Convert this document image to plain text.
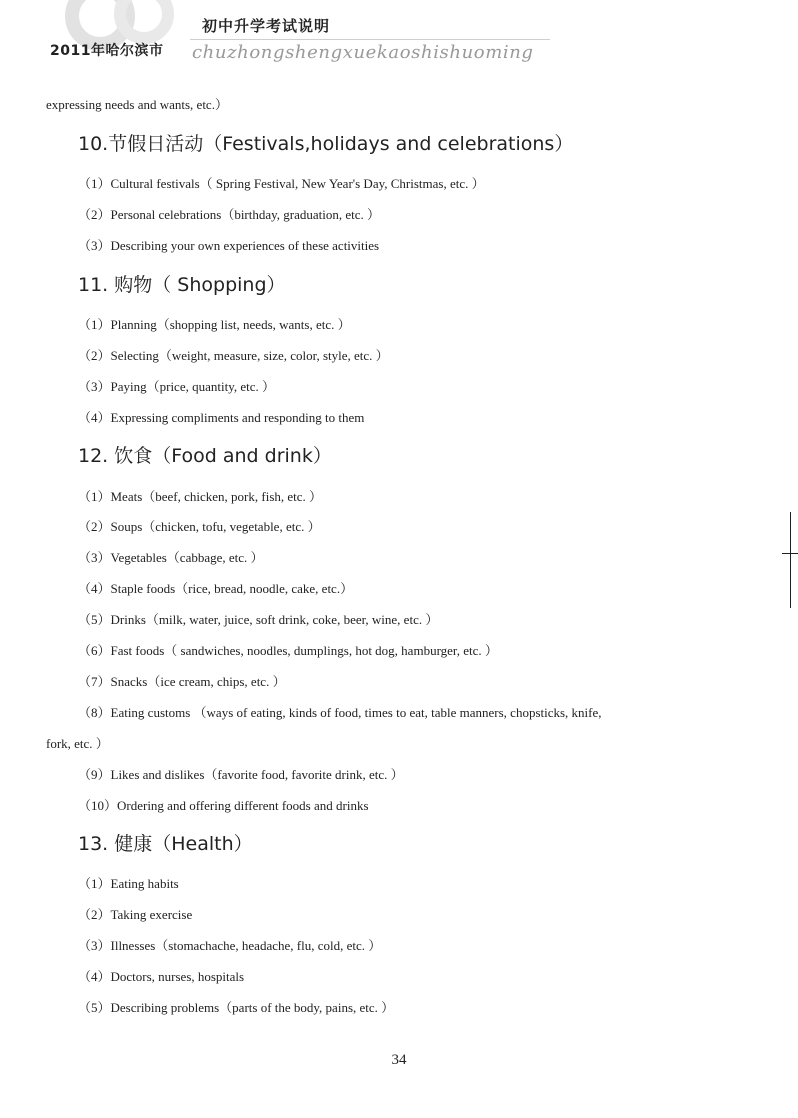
初中升学考试说明
2011年哈尔滨市 chuzhongshengxuekaoshishuoming
expressing needs and wants, etc.）
10.节假日活动（Festivals,holidays and celebrations）
（1）Cultural festivals（ Spring Festival, New Year's Day, Christmas, etc. ）
（2）Personal celebrations（birthday, graduation, etc. ）
（3）Describing your own experiences of these activities
11. 购物（ Shopping）
（1）Planning（shopping list, needs, wants, etc. ）
（2）Selecting（weight, measure, size, color, style, etc. ）
（3）Paying（price, quantity, etc. ）
（4）Expressing compliments and responding to them
12. 饮食（Food and drink）
（1）Meats（beef, chicken, pork, fish, etc. ）
（2）Soups（chicken, tofu, vegetable, etc. ）
（3）Vegetables（cabbage, etc. ）
（4）Staple foods（rice, bread, noodle, cake, etc.）
（5）Drinks（milk, water, juice, soft drink, coke, beer, wine, etc. ）
（6）Fast foods（ sandwiches, noodles, dumplings, hot dog, hamburger, etc. ）
（7）Snacks（ice cream, chips, etc. ）
（8）Eating customs （ways of eating, kinds of food, times to eat, table manners, chopsticks, knife,
fork, etc. ）
（9）Likes and dislikes（favorite food, favorite drink, etc. ）
（10）Ordering and offering different foods and drinks
13. 健康（Health）
（1）Eating habits
（2）Taking exercise
（3）Illnesses（stomachache, headache, flu, cold, etc. ）
（4）Doctors, nurses, hospitals
（5）Describing problems（parts of the body, pains, etc. ）
34
